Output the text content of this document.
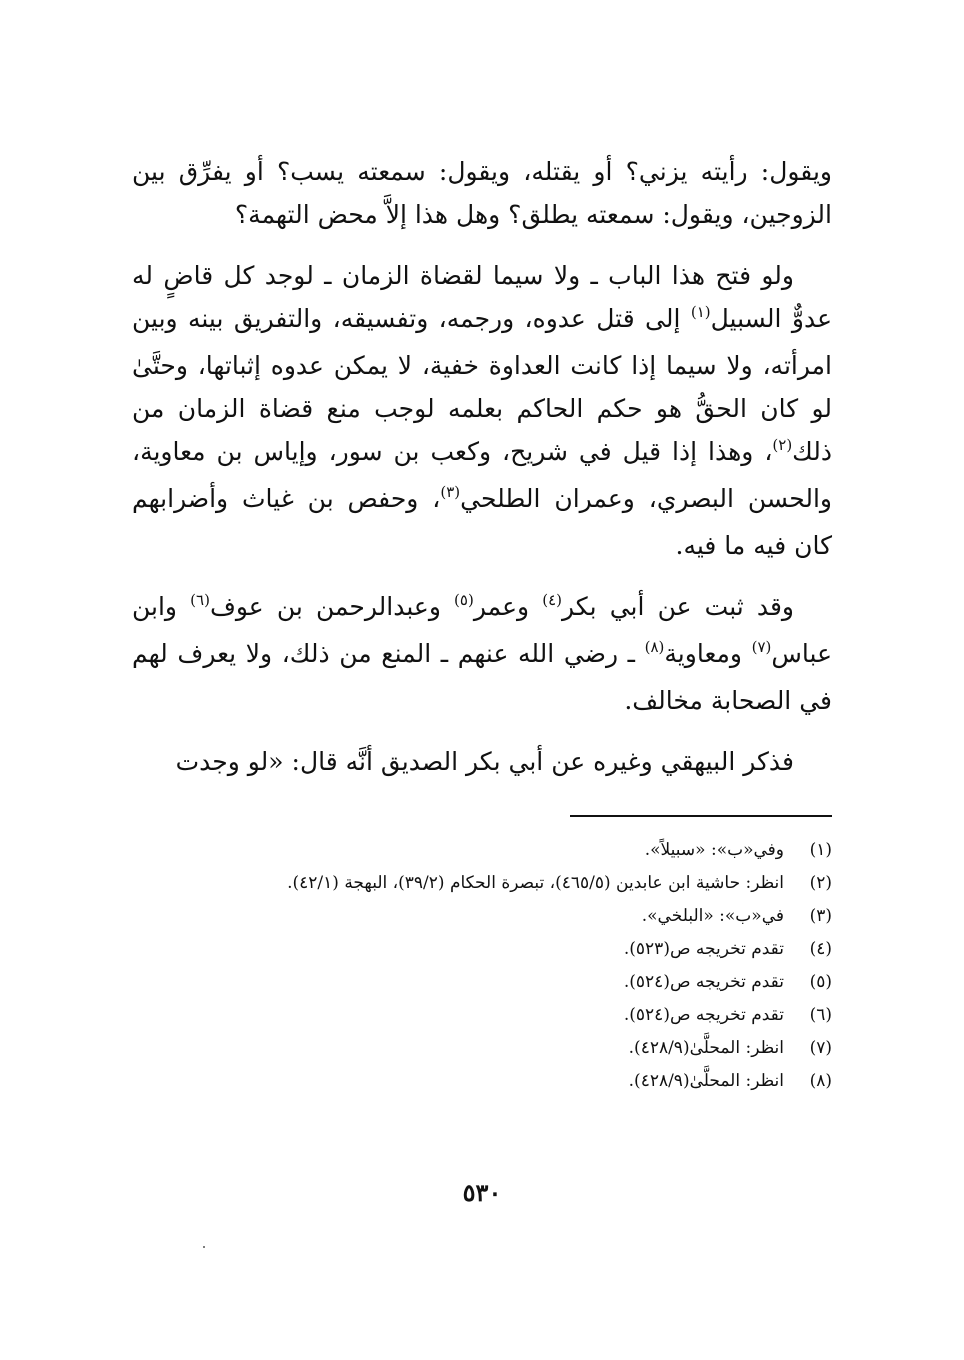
ويقول: رأيته يزني؟ أو يقتله، ويقول: سمعته يسب؟ أو يفرِّق بين الزوجين، ويقول: سمعته يطلق؟ وهل هذا إلاَّ محض التهمة؟

ولو فتح هذا الباب ـ ولا سيما لقضاة الزمان ـ لوجد كل قاضٍ له عدوٌّ السبيل$^{(١)}$ إلى قتل عدوه، ورجمه، وتفسيقه، والتفريق بينه وبين امرأته، ولا سيما إذا كانت العداوة خفية، لا يمكن عدوه إثباتها، وحتَّىٰ لو كان الحقُّ هو حكم الحاكم بعلمه لوجب منع قضاة الزمان من ذلك$^{(٢)}$، وهذا إذا قيل في شريح، وكعب بن سور، وإياس بن معاوية، والحسن البصري، وعمران الطلحي$^{(٣)}$، وحفص بن غياث وأضرابهم كان فيه ما فيه.

وقد ثبت عن أبي بكر$^{(٤)}$ وعمر$^{(٥)}$ وعبدالرحمن بن عوف$^{(٦)}$ وابن عباس$^{(٧)}$ ومعاوية$^{(٨)}$ ـ رضي الله عنهم ـ المنع من ذلك، ولا يعرف لهم في الصحابة مخالف.

فذكر البيهقي وغيره عن أبي بكر الصديق أنَّه قال: «لو وجدت

(١)
وفي«ب»: «سبيلاً».
(٢)
انظر: حاشية ابن عابدين (٤٦٥/٥)، تبصرة الحكام (٣٩/٢)، البهجة (٤٢/١).
(٣)
في«ب»: «البلخي».
(٤)
تقدم تخريجه ص(٥٢٣).
(٥)
تقدم تخريجه ص(٥٢٤).
(٦)
تقدم تخريجه ص(٥٢٤).
(٧)
انظر: المحلَّىٰ(٤٢٨/٩).
(٨)
انظر: المحلَّىٰ(٤٢٨/٩).
٥٣٠
